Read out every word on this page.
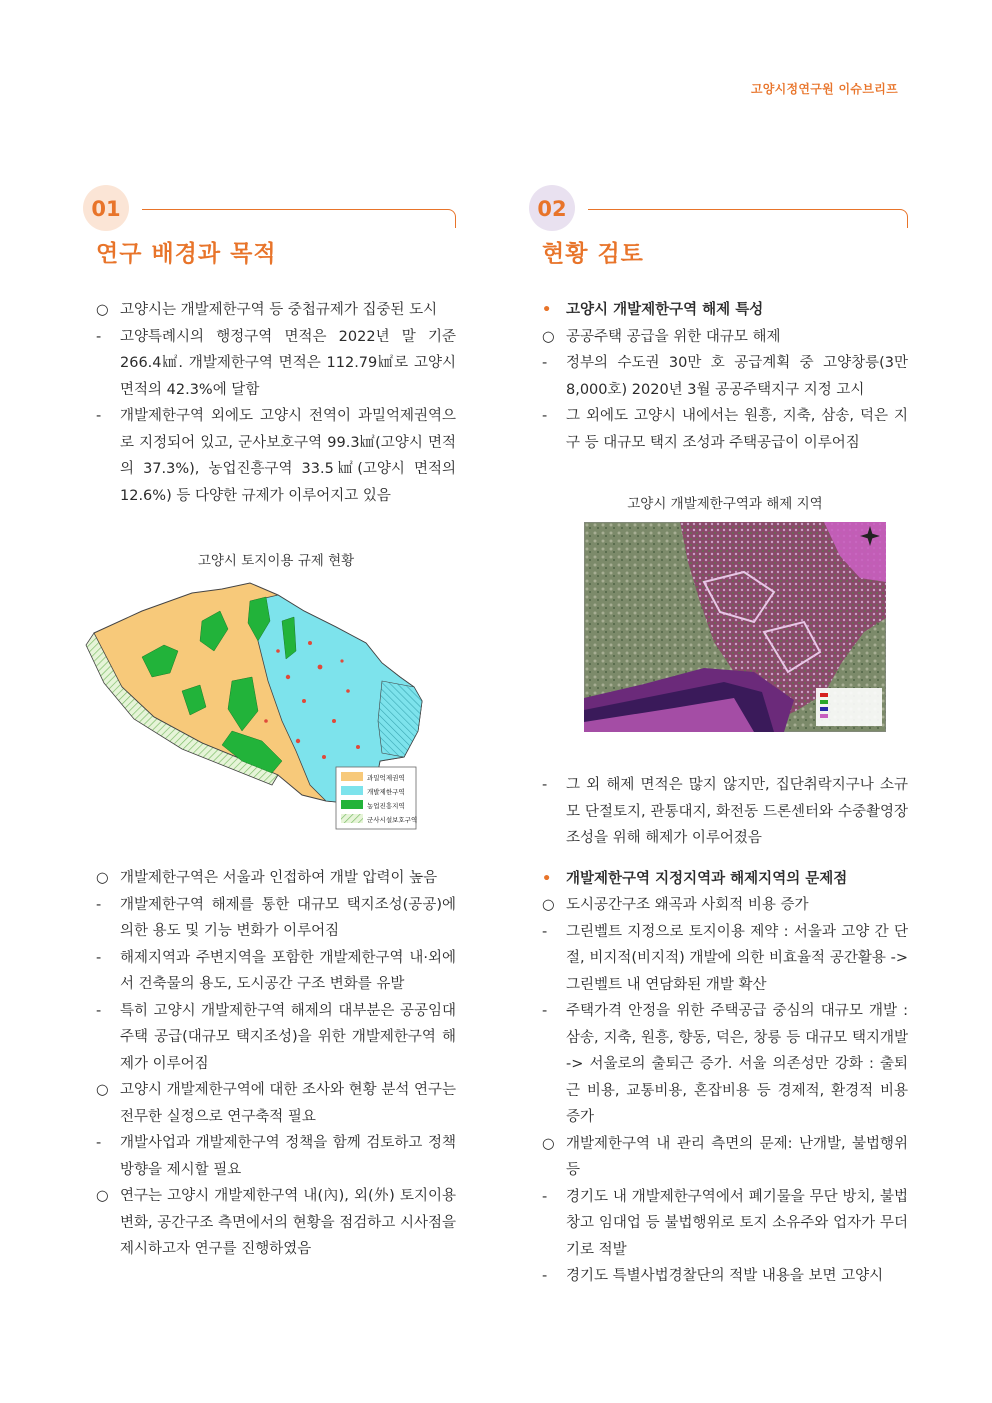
고양시정연구원 이슈브리프
01
연구 배경과 목적
○ 고양시는 개발제한구역 등 중첩규제가 집중된 도시
-	고양특례시의 행정구역 면적은 2022년 말 기준 266.4㎢. 개발제한구역 면적은 112.79㎢로 고양시 면적의 42.3%에 달함
-	개발제한구역 외에도 고양시 전역이 과밀억제권역으로 지정되어 있고, 군사보호구역 99.3㎢(고양시 면적의 37.3%), 농업진흥구역 33.5㎢(고양시 면적의 12.6%) 등 다양한 규제가 이루어지고 있음
고양시 토지이용 규제 현황
과밀억제권역
개발제한구역
농업진흥지역
군사시설보호구역
○ 개발제한구역은 서울과 인접하여 개발 압력이 높음
-	개발제한구역 해제를 통한 대규모 택지조성(공공)에 의한 용도 및 기능 변화가 이루어짐
-	해제지역과 주변지역을 포함한 개발제한구역 내·외에서 건축물의 용도, 도시공간 구조 변화를 유발
-	특히 고양시 개발제한구역 해제의 대부분은 공공임대주택 공급(대규모 택지조성)을 위한 개발제한구역 해제가 이루어짐
○ 고양시 개발제한구역에 대한 조사와 현황 분석 연구는 전무한 실정으로 연구축적 필요
-	개발사업과 개발제한구역 정책을 함께 검토하고 정책 방향을 제시할 필요
○ 연구는 고양시 개발제한구역 내(內), 외(外) 토지이용 변화, 공간구조 측면에서의 현황을 점검하고 시사점을 제시하고자 연구를 진행하였음
02
현황 검토
•	고양시 개발제한구역 해제 특성
○ 공공주택 공급을 위한 대규모 해제
-	정부의 수도권 30만 호 공급계획 중 고양창릉(3만 8,000호) 2020년 3월 공공주택지구 지정 고시
-	그 외에도 고양시 내에서는 원흥, 지축, 삼송, 덕은 지구 등 대규모 택지 조성과 주택공급이 이루어짐
고양시 개발제한구역과 해제 지역
-	그 외 해제 면적은 많지 않지만, 집단취락지구나 소규모 단절토지, 관통대지, 화전동 드론센터와 수중촬영장 조성을 위해 해제가 이루어졌음
•	개발제한구역 지정지역과 해제지역의 문제점
○ 도시공간구조 왜곡과 사회적 비용 증가
-	그린벨트 지정으로 토지이용 제약 : 서울과 고양 간 단절, 비지적(비지적) 개발에 의한 비효율적 공간활용 -> 그린벨트 내 연담화된 개발 확산
-	주택가격 안정을 위한 주택공급 중심의 대규모 개발 : 삼송, 지축, 원흥, 향동, 덕은, 창릉 등 대규모 택지개발 -> 서울로의 출퇴근 증가. 서울 의존성만 강화 : 출퇴근 비용, 교통비용, 혼잡비용 등 경제적, 환경적 비용 증가
○ 개발제한구역 내 관리 측면의 문제: 난개발, 불법행위 등
-	경기도 내 개발제한구역에서 폐기물을 무단 방치, 불법 창고 임대업 등 불법행위로 토지 소유주와 업자가 무더기로 적발
-	경기도 특별사법경찰단의 적발 내용을 보면 고양시
